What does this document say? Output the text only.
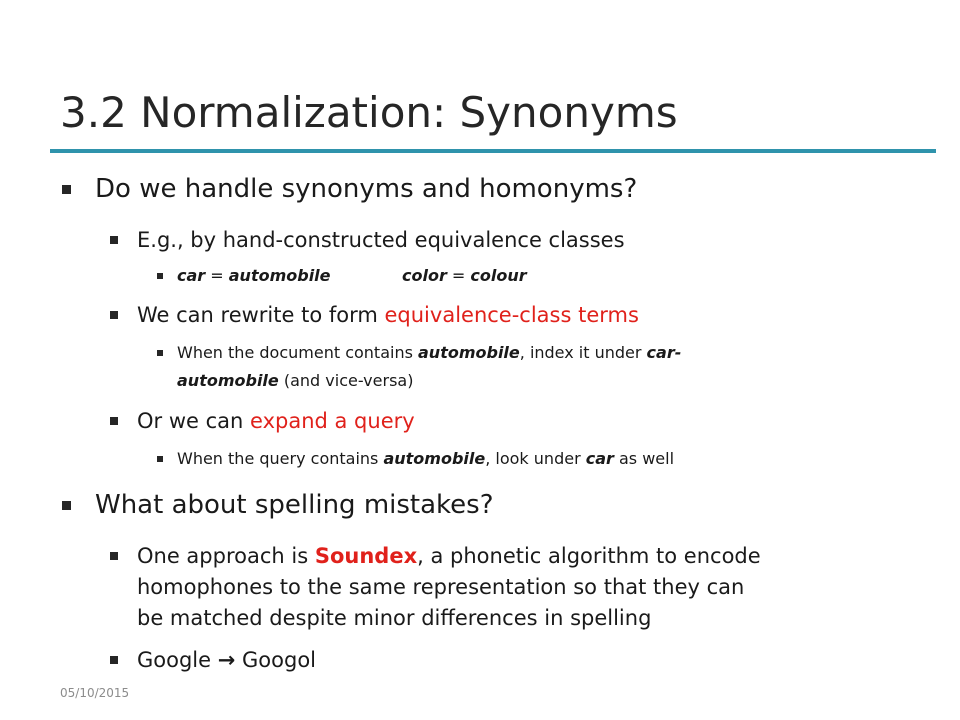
3.2 Normalization: Synonyms
Do we handle synonyms and homonyms?
E.g., by hand-constructed equivalence classes
car = automobile	color = colour
We can rewrite to form equivalence-class terms
When the document contains automobile, index it under car-
automobile (and vice-versa)
Or we can expand a query
When the query contains automobile, look under car as well
What about spelling mistakes?
One approach is Soundex, a phonetic algorithm to encode
homophones to the same representation so that they can
be matched despite minor differences in spelling
Google → Googol
05/10/2015
